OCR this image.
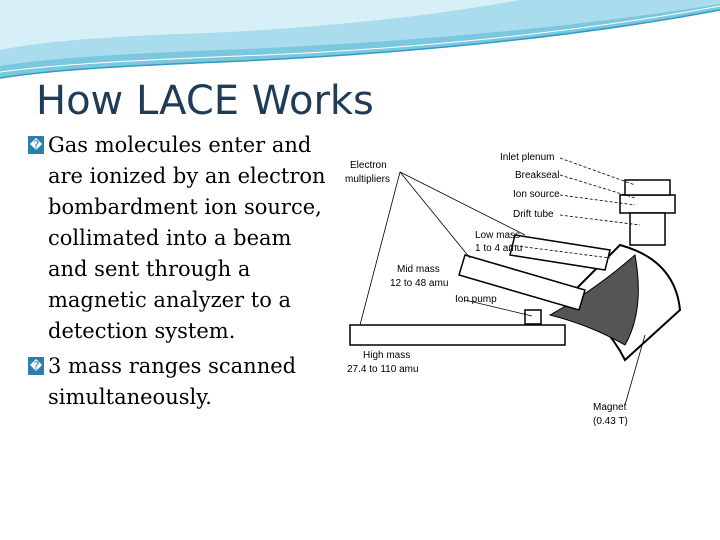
How LACE Works
� Gas molecules enter and are ionized by an electron bombardment ion source, collimated into a beam and sent through a magnetic analyzer to a detection system.
� 3 mass ranges scanned simultaneously.
Electron
multipliers
Inlet plenum
Breakseal
Ion source
Drift tube
Low mass
1 to 4 amu
Mid mass
12 to 48 amu
Ion pump
High mass
27.4 to 110 amu
Magnet
(0.43 T)
